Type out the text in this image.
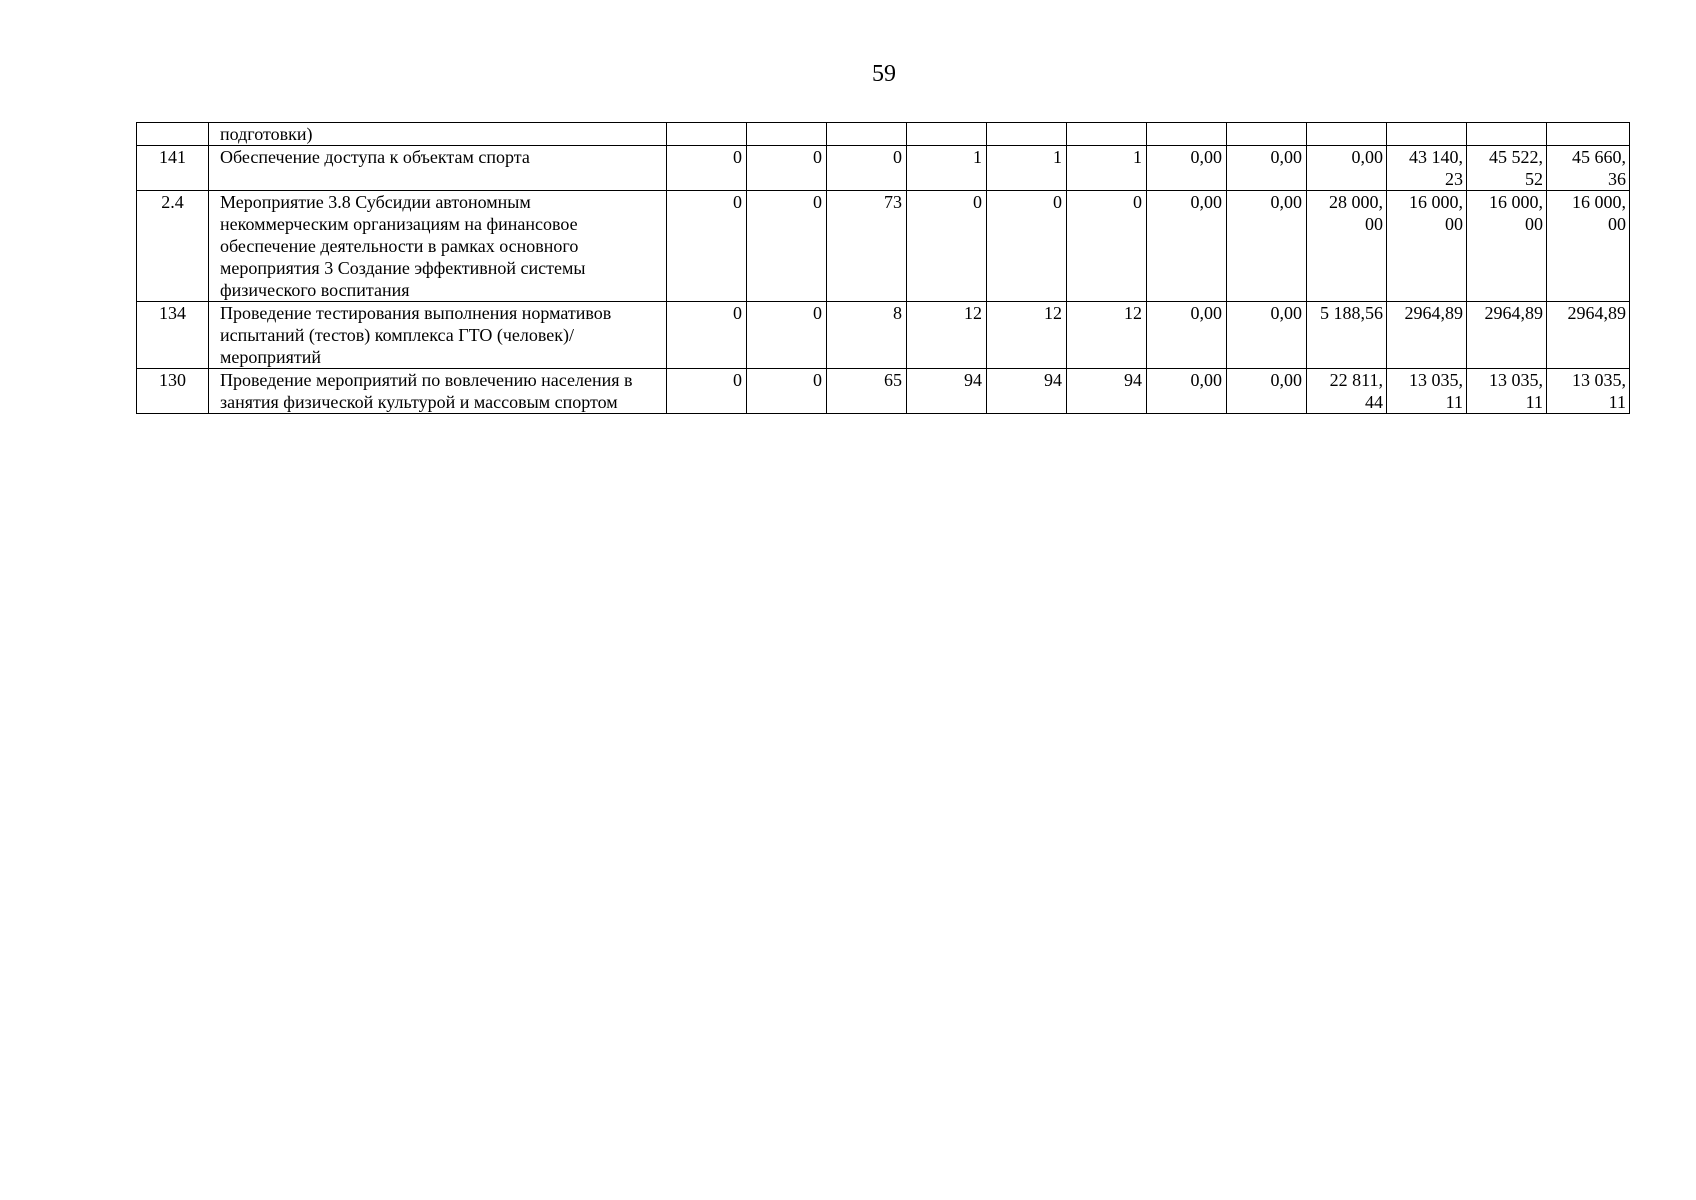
59
	подготовки)												
141	Обеспечение доступа к объектам спорта	0	0	0	1	1	1	0,00	0,00	0,00	43 140, 23	45 522, 52	45 660, 36
2.4	Мероприятие 3.8 Субсидии автономным некоммерческим организациям на финансовое обеспечение деятельности в рамках основного мероприятия 3 Создание эффективной системы физического воспитания	0	0	73	0	0	0	0,00	0,00	28 000, 00	16 000, 00	16 000, 00	16 000, 00
134	Проведение тестирования выполнения нормативов испытаний (тестов) комплекса ГТО (человек)/мероприятий	0	0	8	12	12	12	0,00	0,00	5 188,56	2964,89	2964,89	2964,89
130	Проведение мероприятий по вовлечению населения в занятия физической культурой и массовым спортом	0	0	65	94	94	94	0,00	0,00	22 811, 44	13 035, 11	13 035, 11	13 035, 11
